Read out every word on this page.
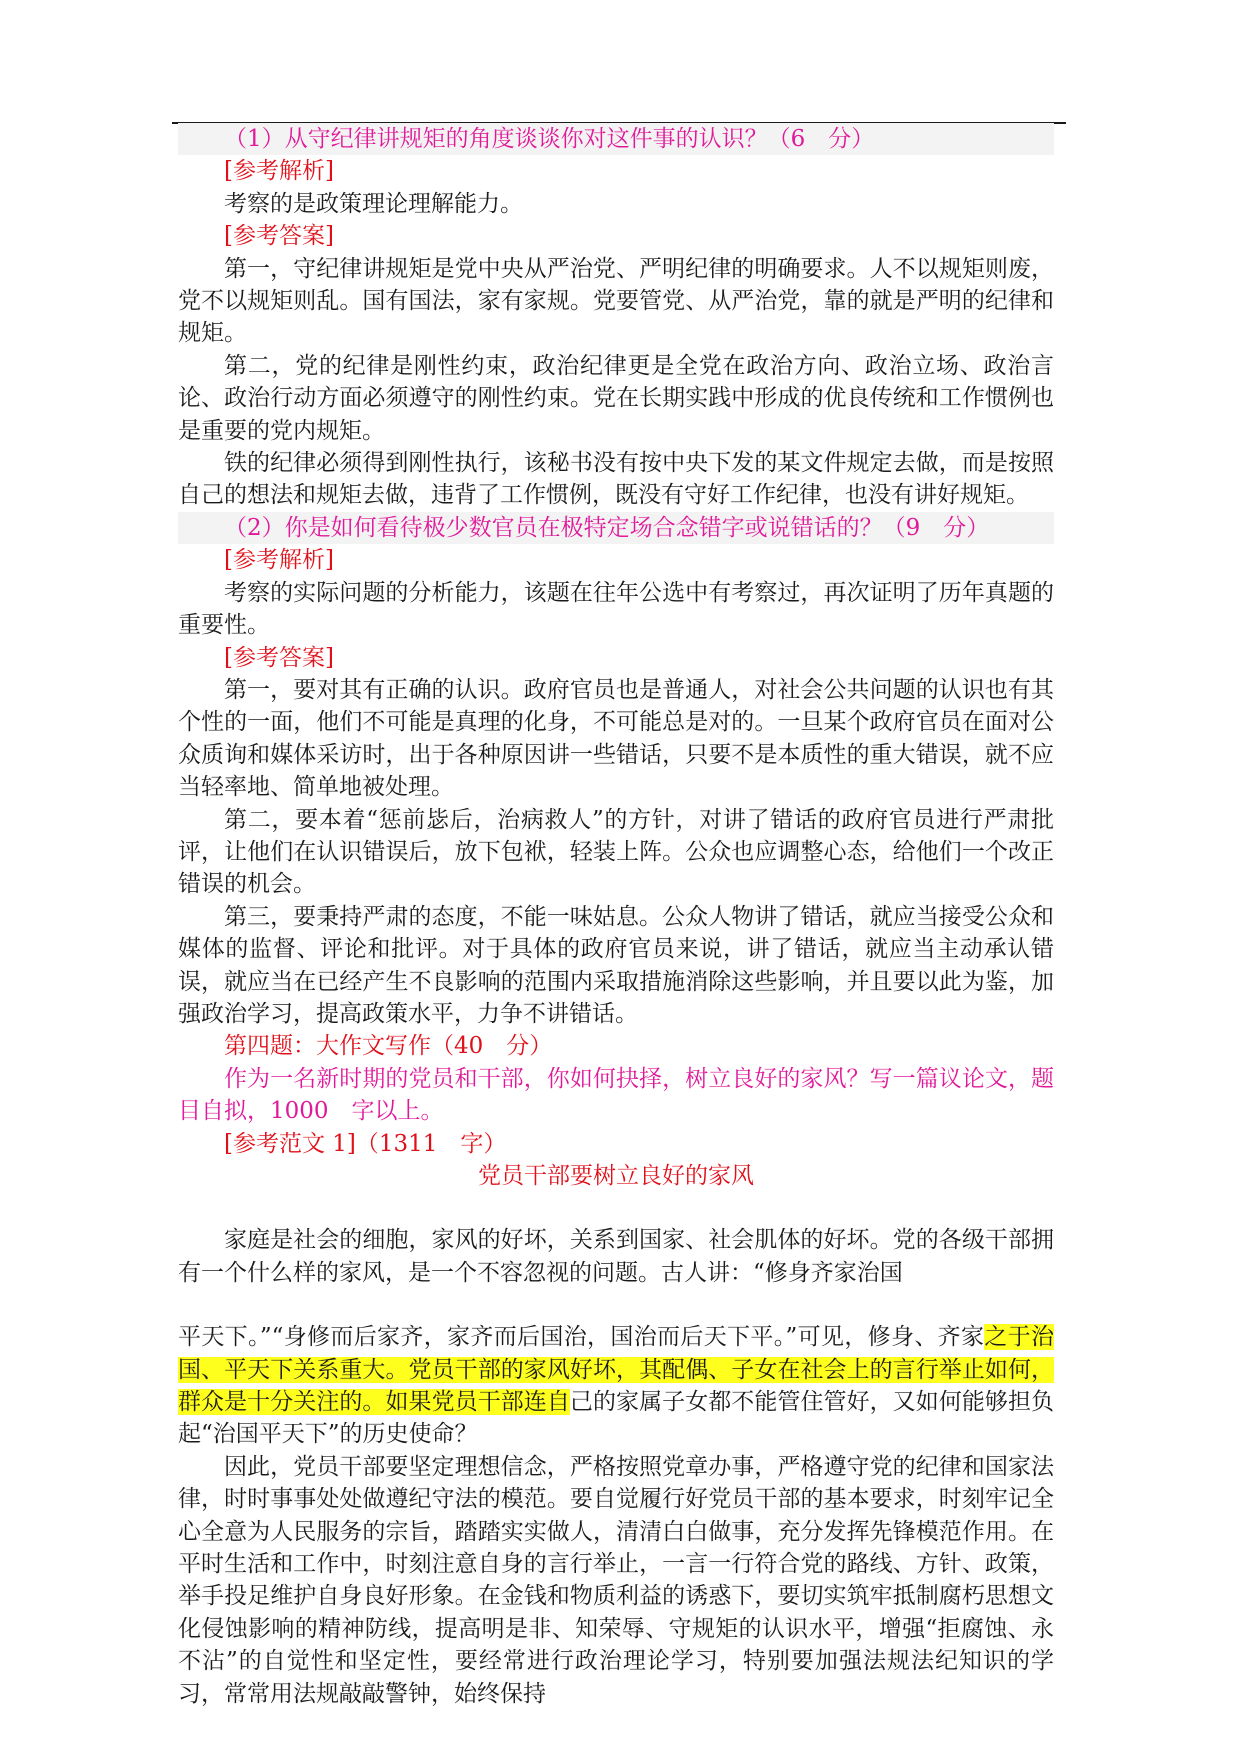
（1）从守纪律讲规矩的角度谈谈你对这件事的认识？（6　分）

[参考解析]

考察的是政策理论理解能力。

[参考答案]

第一，守纪律讲规矩是党中央从严治党、严明纪律的明确要求。人不以规矩则废，党不以规矩则乱。国有国法，家有家规。党要管党、从严治党，靠的就是严明的纪律和规矩。

第二，党的纪律是刚性约束，政治纪律更是全党在政治方向、政治立场、政治言论、政治行动方面必须遵守的刚性约束。党在长期实践中形成的优良传统和工作惯例也是重要的党内规矩。

铁的纪律必须得到刚性执行，该秘书没有按中央下发的某文件规定去做，而是按照自己的想法和规矩去做，违背了工作惯例，既没有守好工作纪律，也没有讲好规矩。

（2）你是如何看待极少数官员在极特定场合念错字或说错话的？（9　分）

[参考解析]

考察的实际问题的分析能力，该题在往年公选中有考察过，再次证明了历年真题的重要性。

[参考答案]

第一，要对其有正确的认识。政府官员也是普通人，对社会公共问题的认识也有其个性的一面，他们不可能是真理的化身，不可能总是对的。一旦某个政府官员在面对公众质询和媒体采访时，出于各种原因讲一些错话，只要不是本质性的重大错误，就不应当轻率地、简单地被处理。

第二，要本着“惩前毖后，治病救人”的方针，对讲了错话的政府官员进行严肃批评，让他们在认识错误后，放下包袱，轻装上阵。公众也应调整心态，给他们一个改正错误的机会。

第三，要秉持严肃的态度，不能一味姑息。公众人物讲了错话，就应当接受公众和媒体的监督、评论和批评。对于具体的政府官员来说，讲了错话，就应当主动承认错误，就应当在已经产生不良影响的范围内采取措施消除这些影响，并且要以此为鉴，加强政治学习，提高政策水平，力争不讲错话。

第四题：大作文写作（40　分）

作为一名新时期的党员和干部，你如何抉择，树立良好的家风？写一篇议论文，题目自拟，1000　字以上。

[参考范文 1]（1311　字）

党员干部要树立良好的家风

家庭是社会的细胞，家风的好坏，关系到国家、社会肌体的好坏。党的各级干部拥有一个什么样的家风，是一个不容忽视的问题。古人讲：“修身齐家治国

平天下。”“身修而后家齐，家齐而后国治，国治而后天下平。”可见，修身、齐家之于治国、平天下关系重大。党员干部的家风好坏，其配偶、子女在社会上的言行举止如何，群众是十分关注的。如果党员干部连自己的家属子女都不能管住管好，又如何能够担负起“治国平天下”的历史使命？

因此，党员干部要坚定理想信念，严格按照党章办事，严格遵守党的纪律和国家法律，时时事事处处做遵纪守法的模范。要自觉履行好党员干部的基本要求，时刻牢记全心全意为人民服务的宗旨，踏踏实实做人，清清白白做事，充分发挥先锋模范作用。在平时生活和工作中，时刻注意自身的言行举止，一言一行符合党的路线、方针、政策，举手投足维护自身良好形象。在金钱和物质利益的诱惑下，要切实筑牢抵制腐朽思想文化侵蚀影响的精神防线，提高明是非、知荣辱、守规矩的认识水平，增强“拒腐蚀、永不沾”的自觉性和坚定性，要经常进行政治理论学习，特别要加强法规法纪知识的学习，常常用法规敲敲警钟，始终保持
